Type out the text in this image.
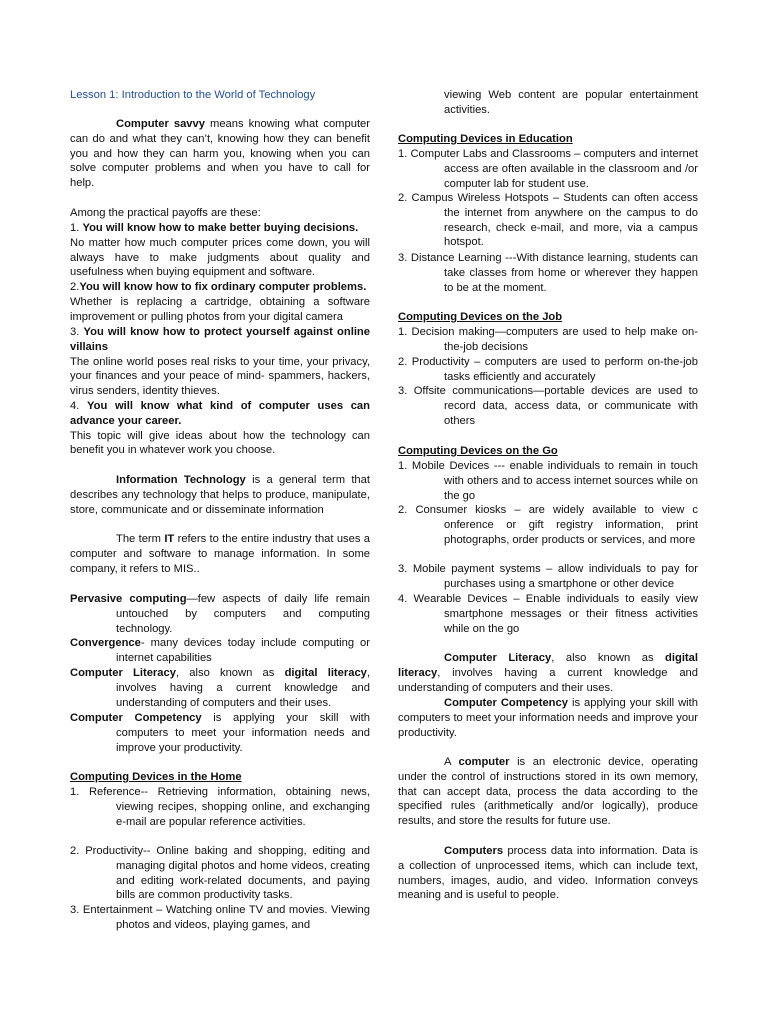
Lesson 1: Introduction to the World of Technology
Computer savvy means knowing what computer can do and what they can’t, knowing how they can benefit you and how they can harm you, knowing when you can solve computer problems and when you have to call for help.
Among the practical payoffs are these:
1. You will know how to make better buying decisions.
No matter how much computer prices come down, you will always have to make judgments about quality and usefulness when buying equipment and software.
2.You will know how to fix ordinary computer problems.
Whether is replacing a cartridge, obtaining a software improvement or pulling photos from your digital camera
3. You will know how to protect yourself against online villains
The online world poses real risks to your time, your privacy, your finances and your peace of mind- spammers, hackers, virus senders, identity thieves.
4. You will know what kind of computer uses can advance your career.
This topic will give ideas about how the technology can benefit you in whatever work you choose.
Information Technology is a general term that describes any technology that helps to produce, manipulate, store, communicate and or disseminate information
The term IT refers to the entire industry that uses a computer and software to manage information. In some company, it refers to MIS..
Pervasive computing—few aspects of daily life remain untouched by computers and computing technology.
Convergence- many devices today include computing or internet capabilities
Computer Literacy, also known as digital literacy, involves having a current knowledge and understanding of computers and their uses.
Computer Competency is applying your skill with computers to meet your information needs and improve your productivity.
Computing Devices in the Home
1. Reference-- Retrieving information, obtaining news, viewing recipes, shopping online, and exchanging e-mail are popular reference activities.
2. Productivity-- Online baking and shopping, editing and managing digital photos and home videos, creating and editing work-related documents, and paying bills are common productivity tasks.
3. Entertainment – Watching online TV and movies. Viewing photos and videos, playing games, and
viewing Web content are popular entertainment activities.
Computing Devices in Education
1. Computer Labs and Classrooms – computers and internet access are often available in the classroom and /or computer lab for student use.
2. Campus Wireless Hotspots – Students can often access the internet from anywhere on the campus to do research, check e-mail, and more, via a campus hotspot.
3. Distance Learning ---With distance learning, students can take classes from home or wherever they happen to be at the moment.
Computing Devices on the Job
1. Decision making—computers are used to help make on-the-job decisions
2. Productivity – computers are used to perform on-the-job tasks efficiently and accurately
3. Offsite communications—portable devices are used to record data, access data, or communicate with others
Computing Devices on the Go
1. Mobile Devices --- enable individuals to remain in touch with others and to access internet sources while on the go
2. Consumer kiosks – are widely available to view c onference or gift registry information, print photographs, order products or services, and more
3. Mobile payment systems – allow individuals to pay for purchases using a smartphone or other device
4. Wearable Devices – Enable individuals to easily view smartphone messages or their fitness activities while on the go
Computer Literacy, also known as digital literacy, involves having a current knowledge and understanding of computers and their uses.
Computer Competency is applying your skill with computers to meet your information needs and improve your productivity.
A computer is an electronic device, operating under the control of instructions stored in its own memory, that can accept data, process the data according to the specified rules (arithmetically and/or logically), produce results, and store the results for future use.
Computers process data into information. Data is a collection of unprocessed items, which can include text, numbers, images, audio, and video. Information conveys meaning and is useful to people.
